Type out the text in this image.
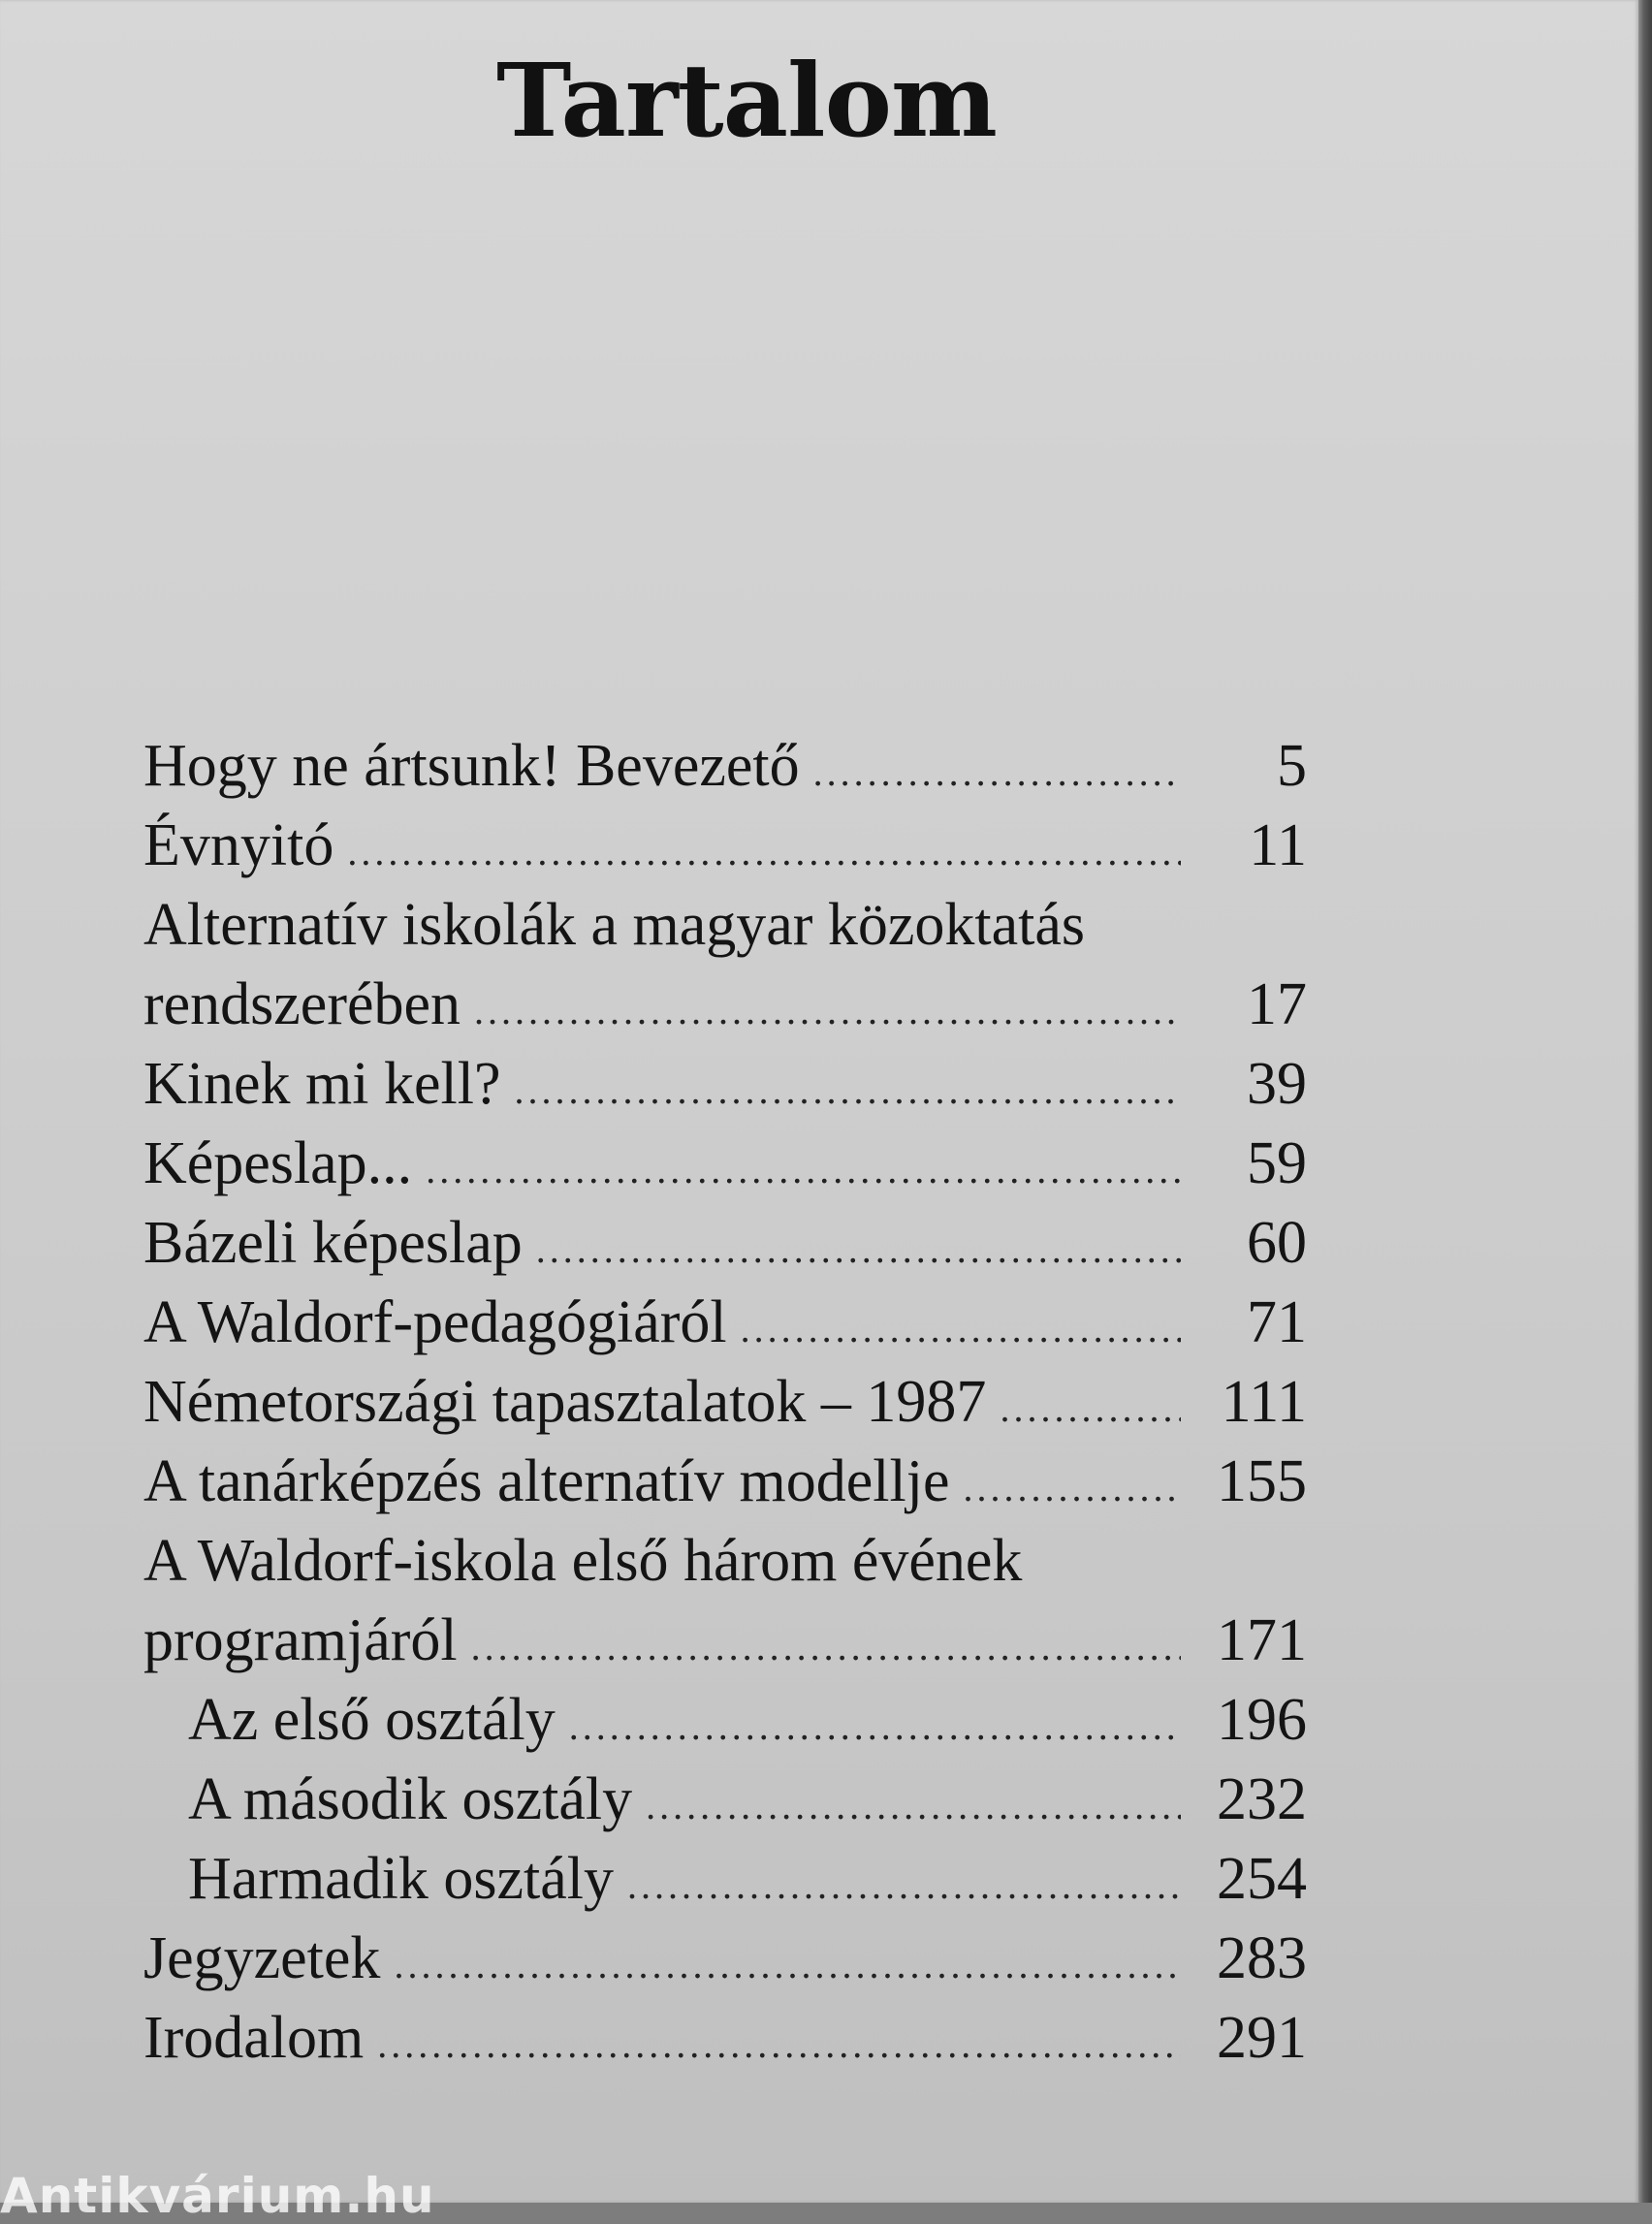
Tartalom
Hogy ne ártsunk! Bevezető .....	5
Évnyitó .....	11
Alternatív iskolák a magyar közoktatás
rendszerében .....	17
Kinek mi kell? .....	39
Képeslap... .....	59
Bázeli képeslap .....	60
A Waldorf-pedagógiáról .....	71
Németországi tapasztalatok – 1987 .....	111
A tanárképzés alternatív modellje .....	155
A Waldorf-iskola első három évének
programjáról .....	171
Az első osztály .....	196
A második osztály .....	232
Harmadik osztály .....	254
Jegyzetek .....	283
Irodalom .....	291
Antikvárium.hu
